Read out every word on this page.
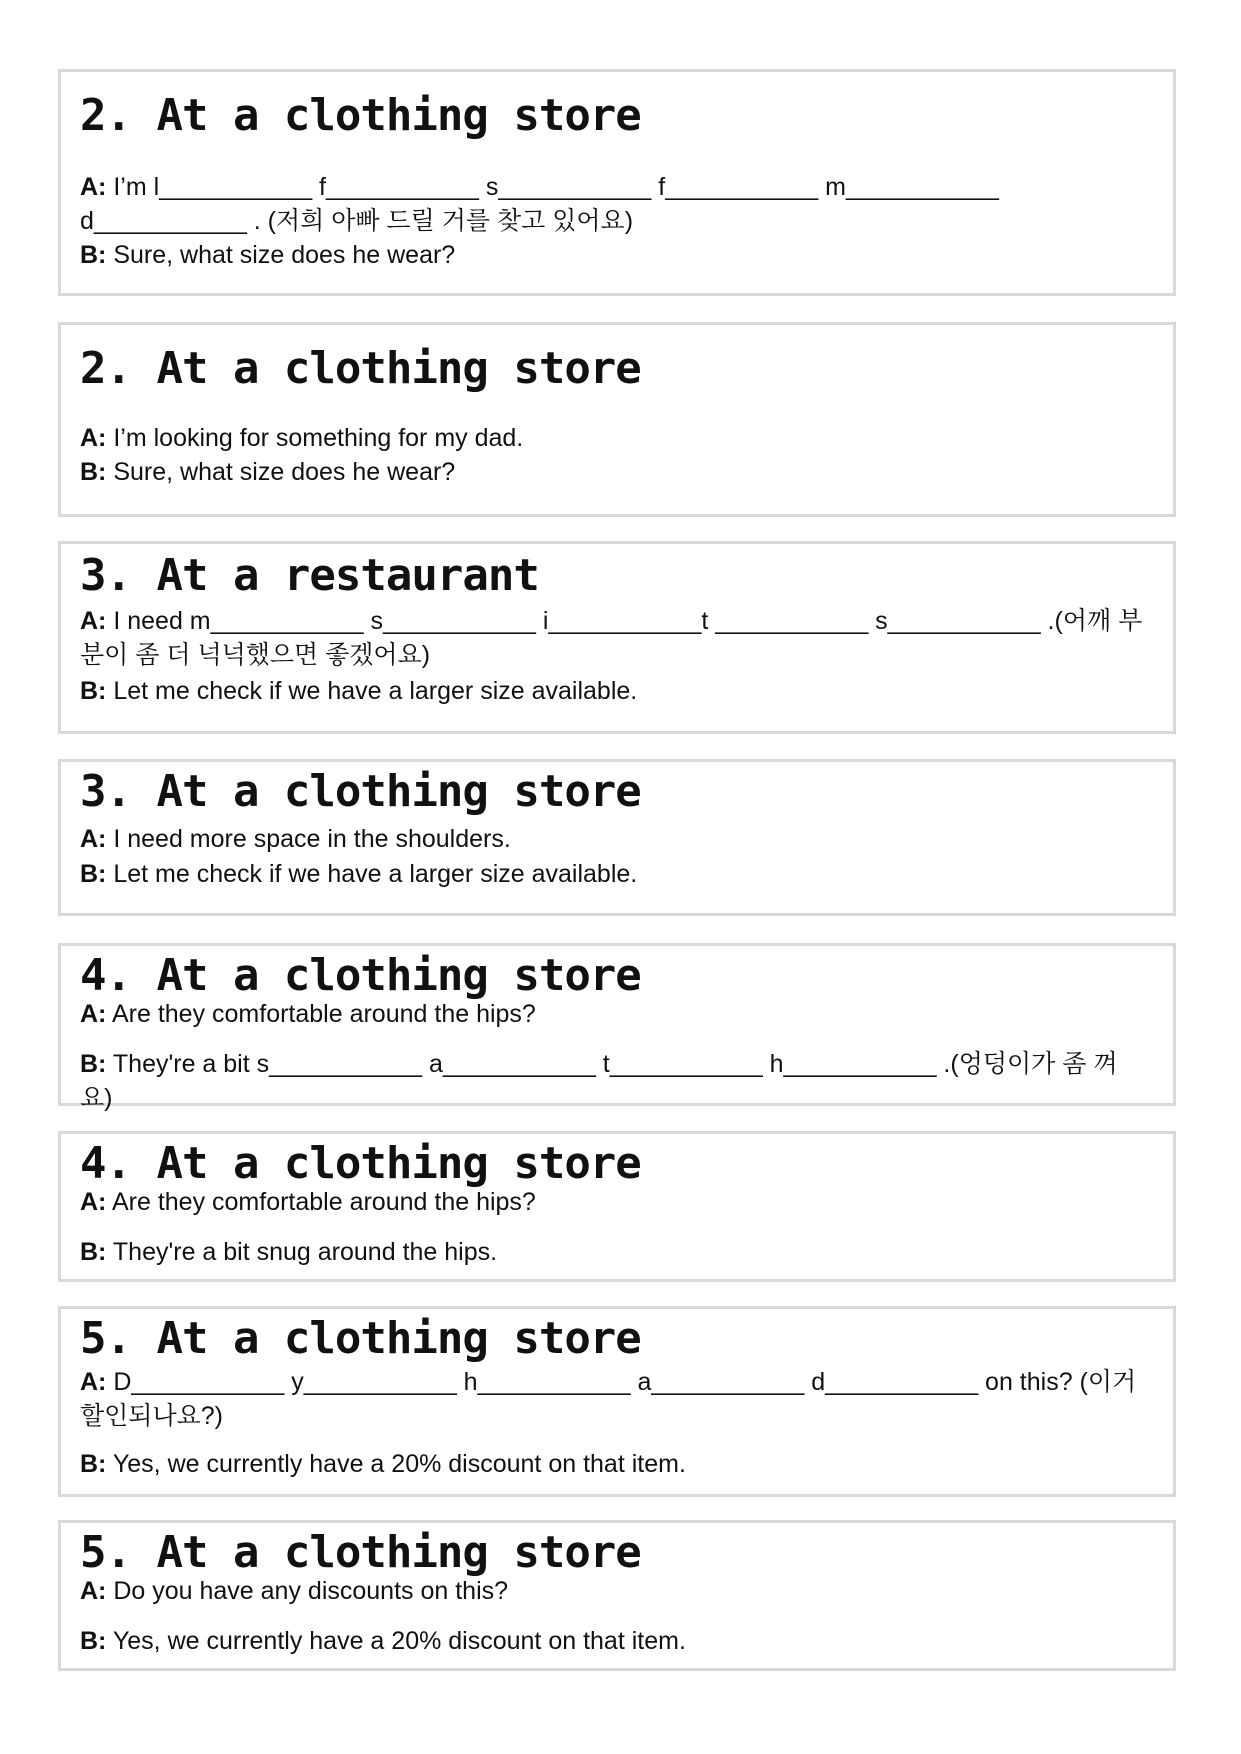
2. At a clothing store

A: I’m l___________ f___________ s___________ f___________ m___________ d___________ . (저희 아빠 드릴 거를 찾고 있어요)

B: Sure, what size does he wear?

2. At a clothing store

A: I’m looking for something for my dad.

B: Sure, what size does he wear?

3. At a restaurant

A: I need m___________ s___________ i___________t ___________ s___________ .(어깨 부분이 좀 더 넉넉했으면 좋겠어요)

B: Let me check if we have a larger size available.

3. At a clothing store

A: I need more space in the shoulders.

B: Let me check if we have a larger size available.

4. At a clothing store

A: Are they comfortable around the hips?

B: They're a bit s___________ a___________ t___________ h___________ .(엉덩이가 좀 껴요)

4. At a clothing store

A: Are they comfortable around the hips?

B: They're a bit snug around the hips.

5. At a clothing store

A: D___________ y___________ h___________ a___________ d___________ on this? (이거 할인되나요?)

B: Yes, we currently have a 20% discount on that item.

5. At a clothing store

A: Do you have any discounts on this?

B: Yes, we currently have a 20% discount on that item.
